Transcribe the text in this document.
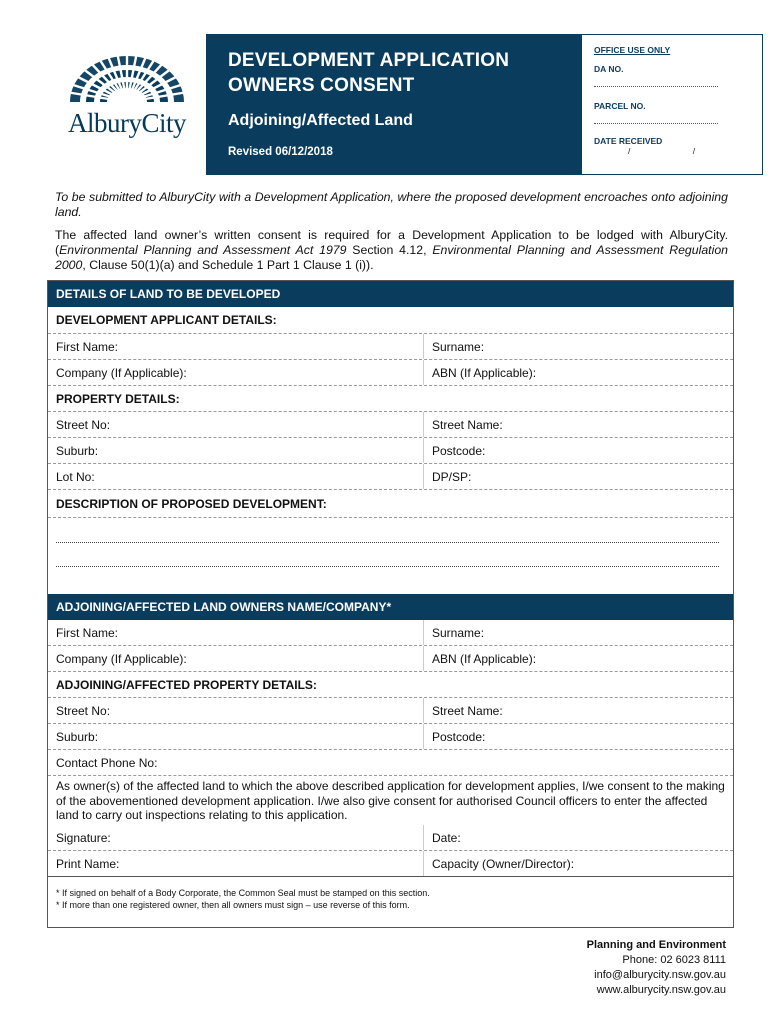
AlburyCity
DEVELOPMENT APPLICATION OWNERS CONSENT
Adjoining/Affected Land
Revised 06/12/2018
OFFICE USE ONLY
DA NO.
PARCEL NO.
DATE RECEIVED
/ /
To be submitted to AlburyCity with a Development Application, where the proposed development encroaches onto adjoining land.
The affected land owner’s written consent is required for a Development Application to be lodged with AlburyCity. (Environmental Planning and Assessment Act 1979 Section 4.12, Environmental Planning and Assessment Regulation 2000, Clause 50(1)(a) and Schedule 1 Part 1 Clause 1 (i)).
DETAILS OF LAND TO BE DEVELOPED
DEVELOPMENT APPLICANT DETAILS:
First Name:	Surname:
Company (If Applicable):	ABN (If Applicable):
PROPERTY DETAILS:
Street No:	Street Name:
Suburb:	Postcode:
Lot No:	DP/SP:
DESCRIPTION OF PROPOSED DEVELOPMENT:
ADJOINING/AFFECTED LAND OWNERS NAME/COMPANY*
First Name:	Surname:
Company (If Applicable):	ABN (If Applicable):
ADJOINING/AFFECTED PROPERTY DETAILS:
Street No:	Street Name:
Suburb:	Postcode:
Contact Phone No:
As owner(s) of the affected land to which the above described application for development applies, I/we consent to the making of the abovementioned development application. I/we also give consent for authorised Council officers to enter the affected land to carry out inspections relating to this application.
Signature:	Date:
Print Name:	Capacity (Owner/Director):
* If signed on behalf of a Body Corporate, the Common Seal must be stamped on this section.
* If more than one registered owner, then all owners must sign – use reverse of this form.
Planning and Environment
Phone: 02 6023 8111
info@alburycity.nsw.gov.au
www.alburycity.nsw.gov.au
